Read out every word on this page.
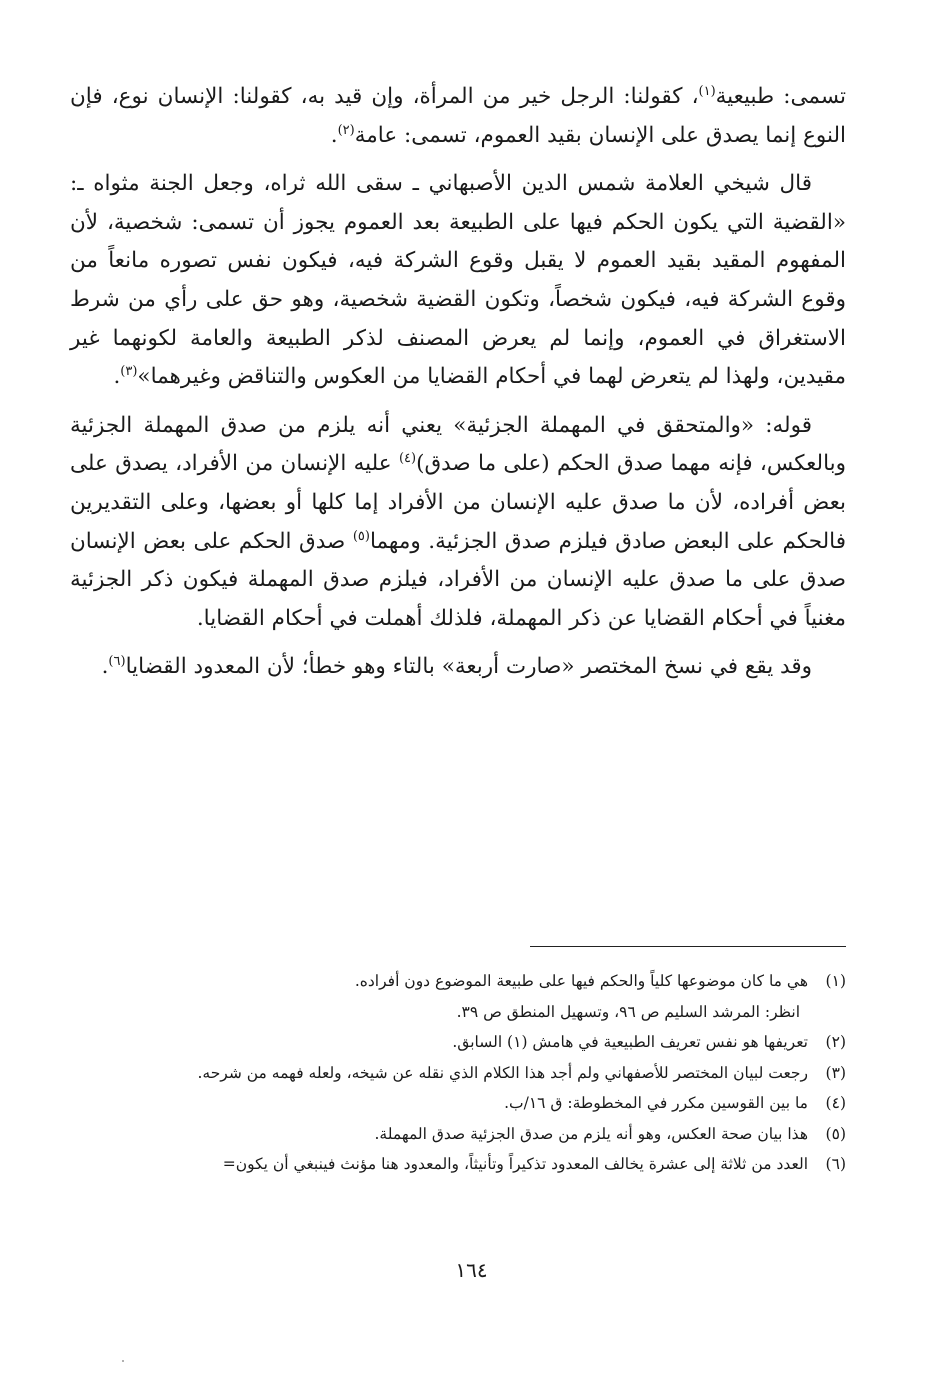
تسمى: طبيعية$^{(١)}$، كقولنا: الرجل خير من المرأة، وإن قيد به، كقولنا: الإنسان نوع، فإن النوع إنما يصدق على الإنسان بقيد العموم، تسمى: عامة$^{(٢)}$.

قال شيخي العلامة شمس الدين الأصبهاني ـ سقى الله ثراه، وجعل الجنة مثواه ـ: «القضية التي يكون الحكم فيها على الطبيعة بعد العموم يجوز أن تسمى: شخصية، لأن المفهوم المقيد بقيد العموم لا يقبل وقوع الشركة فيه، فيكون نفس تصوره مانعاً من وقوع الشركة فيه، فيكون شخصاً، وتكون القضية شخصية، وهو حق على رأي من شرط الاستغراق في العموم، وإنما لم يعرض المصنف لذكر الطبيعة والعامة لكونهما غير مقيدين، ولهذا لم يتعرض لهما في أحكام القضايا من العكوس والتناقض وغيرهما»$^{(٣)}$.

قوله: «والمتحقق في المهملة الجزئية» يعني أنه يلزم من صدق المهملة الجزئية وبالعكس، فإنه مهما صدق الحكم (على ما صدق)$^{(٤)}$ عليه الإنسان من الأفراد، يصدق على بعض أفراده، لأن ما صدق عليه الإنسان من الأفراد إما كلها أو بعضها، وعلى التقديرين فالحكم على البعض صادق فيلزم صدق الجزئية. ومهما$^{(٥)}$ صدق الحكم على بعض الإنسان صدق على ما صدق عليه الإنسان من الأفراد، فيلزم صدق المهملة فيكون ذكر الجزئية مغنياً في أحكام القضايا عن ذكر المهملة، فلذلك أهملت في أحكام القضايا.

وقد يقع في نسخ المختصر «صارت أربعة» بالتاء وهو خطأ؛ لأن المعدود القضايا$^{(٦)}$.

(١)
هي ما كان موضوعها كلياً والحكم فيها على طبيعة الموضوع دون أفراده.
انظر: المرشد السليم ص ٩٦، وتسهيل المنطق ص ٣٩.
(٢)
تعريفها هو نفس تعريف الطبيعية في هامش (١) السابق.
(٣)
رجعت لبيان المختصر للأصفهاني ولم أجد هذا الكلام الذي نقله عن شيخه، ولعله فهمه من شرحه.
(٤)
ما بين القوسين مكرر في المخطوطة: ق ١٦/ب.
(٥)
هذا بيان صحة العكس، وهو أنه يلزم من صدق الجزئية صدق المهملة.
(٦)
العدد من ثلاثة إلى عشرة يخالف المعدود تذكيراً وتأنيثاً، والمعدود هنا مؤنث فينبغي أن يكون=
١٦٤
